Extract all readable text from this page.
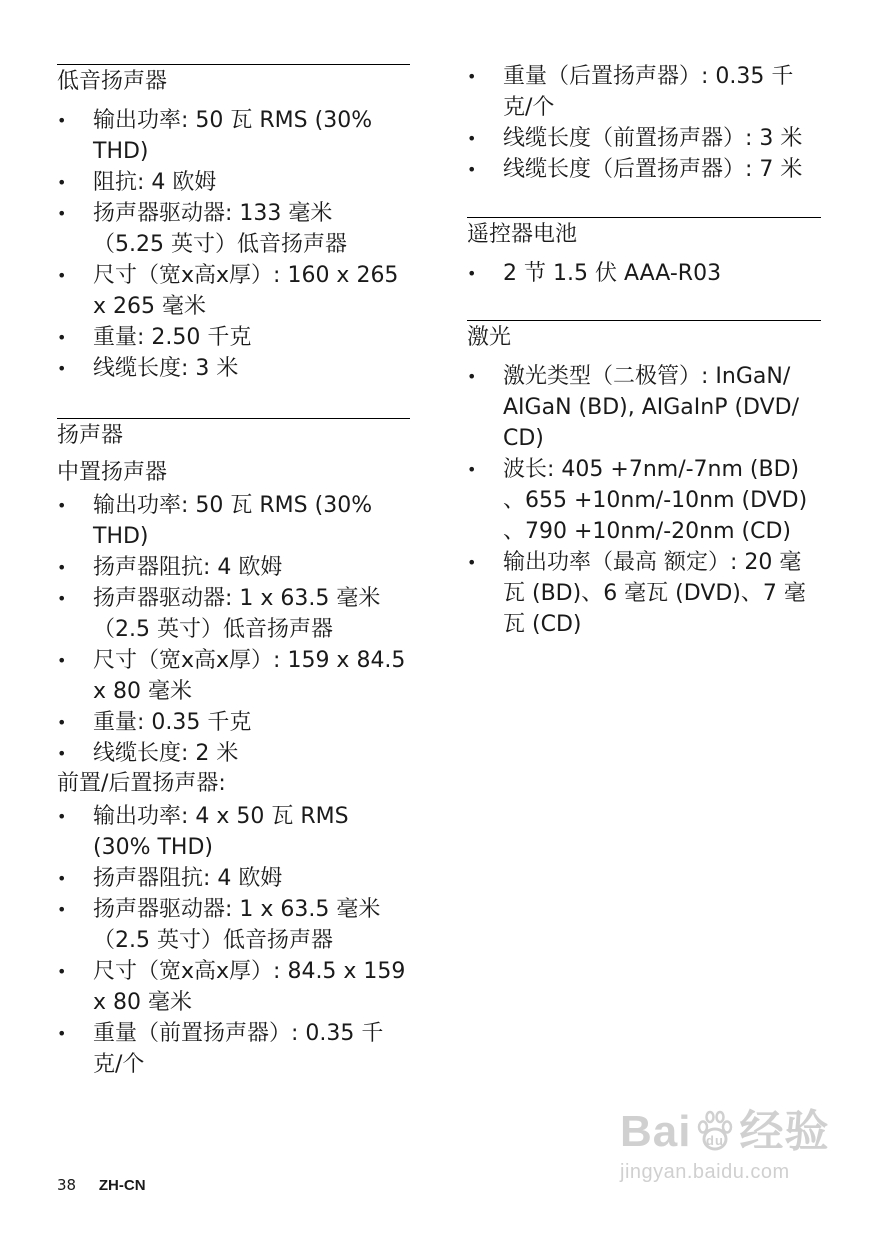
低音扬声器
• 输出功率: 50 瓦 RMS (30%
THD)
• 阻抗: 4 欧姆
• 扬声器驱动器: 133 毫米
（5.25 英寸）低音扬声器
• 尺寸（宽x高x厚）: 160 x 265
x 265 毫米
• 重量: 2.50 千克
• 线缆长度: 3 米
扬声器
中置扬声器
• 输出功率: 50 瓦 RMS (30%
THD)
• 扬声器阻抗: 4 欧姆
• 扬声器驱动器: 1 x 63.5 毫米
（2.5 英寸）低音扬声器
• 尺寸（宽x高x厚）: 159 x 84.5
x 80 毫米
• 重量: 0.35 千克
• 线缆长度: 2 米
前置/后置扬声器:
• 输出功率: 4 x 50 瓦 RMS
(30% THD)
• 扬声器阻抗: 4 欧姆
• 扬声器驱动器: 1 x 63.5 毫米
（2.5 英寸）低音扬声器
• 尺寸（宽x高x厚）: 84.5 x 159
x 80 毫米
• 重量（前置扬声器）: 0.35 千
克/个
• 重量（后置扬声器）: 0.35 千
克/个
• 线缆长度（前置扬声器）: 3 米
• 线缆长度（后置扬声器）: 7 米
遥控器电池
• 2 节 1.5 伏 AAA-R03
激光
• 激光类型（二极管）: InGaN/
AIGaN (BD), AIGaInP (DVD/
CD)
• 波长: 405 +7nm/-7nm (BD)
、655 +10nm/-10nm (DVD)
、790 +10nm/-20nm (CD)
• 输出功率（最高 额定）: 20 毫
瓦 (BD)、6 毫瓦 (DVD)、7 毫
瓦 (CD)
38 ZH-CN
Bai du 经验
jingyan.baidu.com
